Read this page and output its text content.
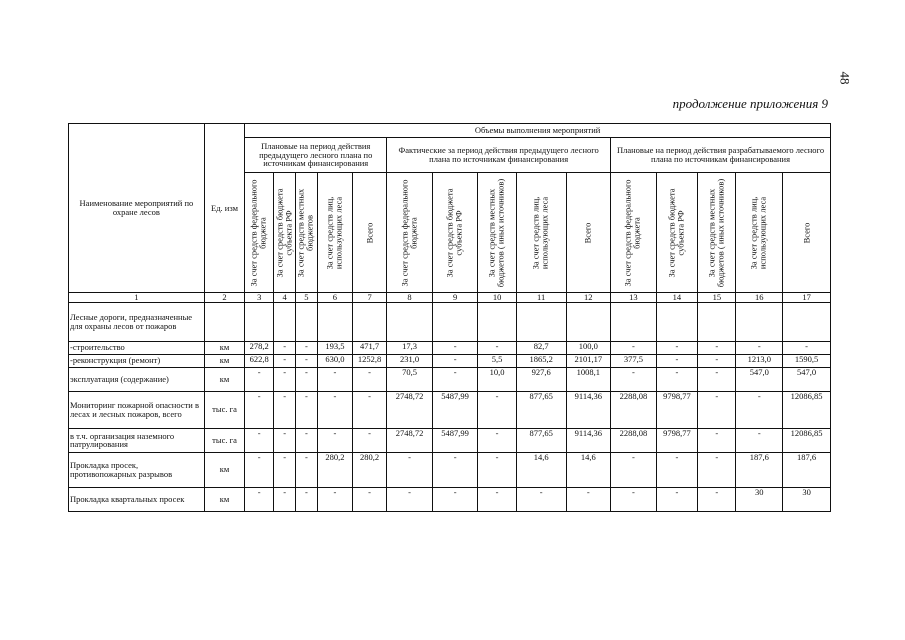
48

продолжение приложения 9

Наименование мероприятий по охране лесов	Ед. изм	Объемы выполнения мероприятий														
		Плановые на период действия предыдущего лесного плана по источникам финансирования					Фактические за период действия предыдущего лесного плана по источникам финансирования					Плановые на период действия разрабатываемого лесного плана по источникам финансирования				

		За счет средств федерального бюджета	За счет средств бюджета субъекта РФ	За счет средств местных бюджетов	За счет средств лиц, использующих леса	Всего	За счет средств федерального бюджета	За счет средств бюджета субъекта РФ	За счет средств местных бюджетов ( иных источников)	За счет средств лиц, использующих леса	Всего	За счет средств федерального бюджета	За счет средств бюджета субъекта РФ	За счет средств местных бюджетов ( иных источников)	За счет средств лиц, использующих леса	Всего

1	2	3	4	5	6	7	8	9	10	11	12	13	14	15	16	17
Лесные дороги, предназначенные для охраны лесов от пожаров																
-строительство	км	278,2	-	-	193,5	471,7	17,3	-	-	82,7	100,0	-	-	-	-	-
-реконструкция (ремонт)	км	622,8	-	-	630,0	1252,8	231,0	-	5,5	1865,2	2101,17	377,5	-	-	1213,0	1590,5
эксплуатация (содержание)	км	-	-	-	-	-	70,5	-	10,0	927,6	1008,1	-	-	-	547,0	547,0
Мониторинг пожарной опасности в лесах и лесных пожаров, всего	тыс. га	-	-	-	-	-	2748,72	5487,99	-	877,65	9114,36	2288,08	9798,77	-	-	12086,85
в т.ч. организация наземного патрулирования	тыс. га	-	-	-	-	-	2748,72	5487,99	-	877,65	9114,36	2288,08	9798,77	-	-	12086,85
Прокладка просек, противопожарных разрывов	км	-	-	-	280,2	280,2	-	-	-	14,6	14,6	-	-	-	187,6	187,6
Прокладка квартальных просек	км	-	-	-	-	-	-	-	-	-	-	-	-	-	30	30
